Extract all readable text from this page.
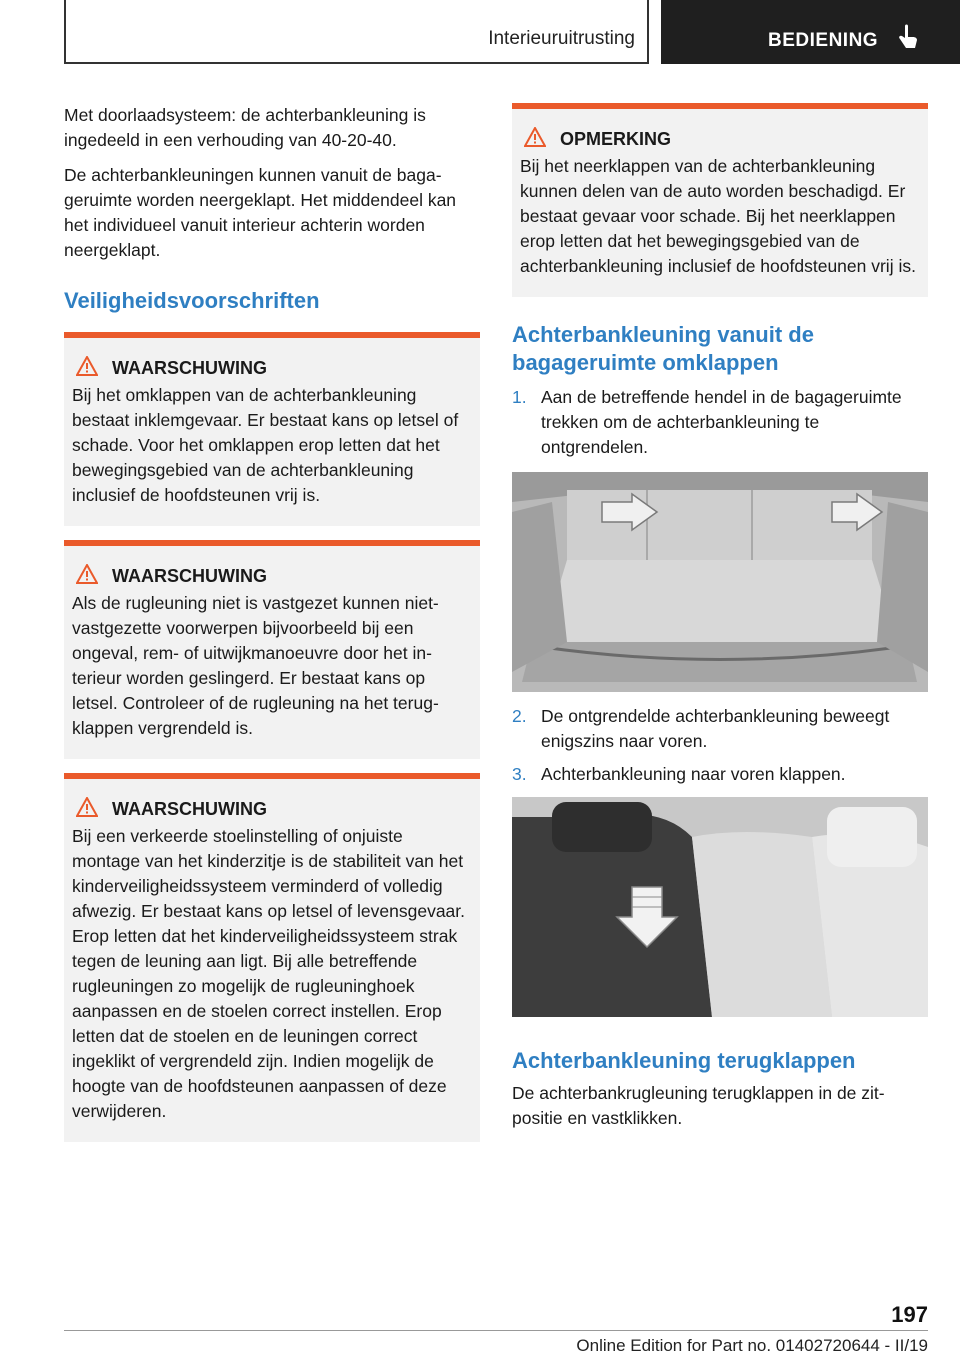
Interieuruitrusting	BEDIENING

Met doorlaadsysteem: de achterbankleuning is ingedeeld in een verhouding van 40-20-40.

De achterbankleuningen kunnen vanuit de bagageruimte worden neergeklapt. Het middendeel kan het individueel vanuit interieur achterin worden neergeklapt.

Veiligheidsvoorschriften
WAARSCHUWING

Bij het omklappen van de achterbankleuning bestaat inklemgevaar. Er bestaat kans op letsel of schade. Voor het omklappen erop letten dat het bewegingsgebied van de achterbankleuning inclusief de hoofdsteunen vrij is.

WAARSCHUWING

Als de rugleuning niet is vastgezet kunnen niet-vastgezette voorwerpen bijvoorbeeld bij een ongeval, rem- of uitwijkmanoeuvre door het interieur worden geslingerd. Er bestaat kans op letsel. Controleer of de rugleuning na het terugklappen vergrendeld is.

WAARSCHUWING

Bij een verkeerde stoelinstelling of onjuiste montage van het kinderzitje is de stabiliteit van het kinderveiligheidssysteem verminderd of volledig afwezig. Er bestaat kans op letsel of levensgevaar. Erop letten dat het kinderveiligheidssysteem strak tegen de leuning aan ligt. Bij alle betreffende rugleuningen zo mogelijk de rugleuninghoek aanpassen en de stoelen correct instellen. Erop letten dat de stoelen en de leuningen correct ingeklikt of vergrendeld zijn. Indien mogelijk de hoogte van de hoofdsteunen aanpassen of deze verwijderen.

OPMERKING

Bij het neerklappen van de achterbankleuning kunnen delen van de auto worden beschadigd. Er bestaat gevaar voor schade. Bij het neerklappen erop letten dat het bewegingsgebied van de achterbankleuning inclusief de hoofdsteunen vrij is.

Achterbankleuning vanuit de bagageruimte omklappen
1. Aan de betreffende hendel in de bagageruimte trekken om de achterbankleuning te ontgrendelen.
2. De ontgrendelde achterbankleuning beweegt enigszins naar voren.
3. Achterbankleuning naar voren klappen.
Achterbankleuning terugklappen

De achterbankrugleuning terugklappen in de zitpositie en vastklikken.

197
Online Edition for Part no. 01402720644 - II/19
